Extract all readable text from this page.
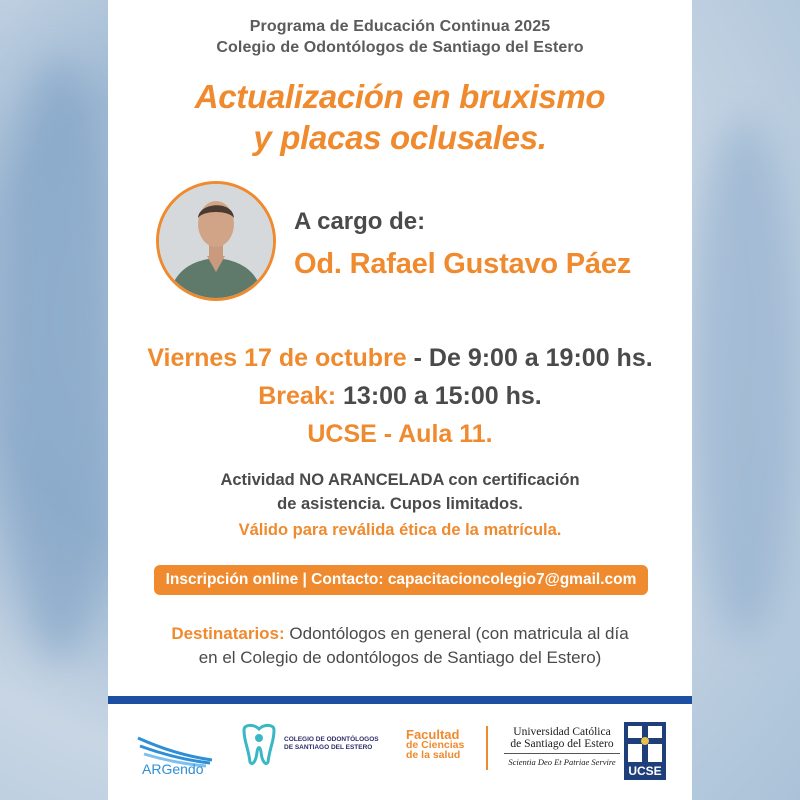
Programa de Educación Continua 2025
Colegio de Odontólogos de Santiago del Estero
Actualización en bruxismo
y placas oclusales.
A cargo de:
Od. Rafael Gustavo Páez
Viernes 17 de octubre - De 9:00 a 19:00 hs.
Break: 13:00 a 15:00 hs.
UCSE - Aula 11.
Actividad NO ARANCELADA con certificación
de asistencia. Cupos limitados.
Válido para reválida ética de la matrícula.
Inscripción online | Contacto: capacitacioncolegio7@gmail.com
Destinatarios: Odontólogos en general (con matricula al día
en el Colegio de odontólogos de Santiago del Estero)
ARGendo
COLEGIO DE ODONTÓLOGOS
DE SANTIAGO DEL ESTERO
Facultad
de Ciencias
de la salud
Universidad Católica
de Santiago del Estero
Scientia Deo Et Patriae Servire
UCSE
